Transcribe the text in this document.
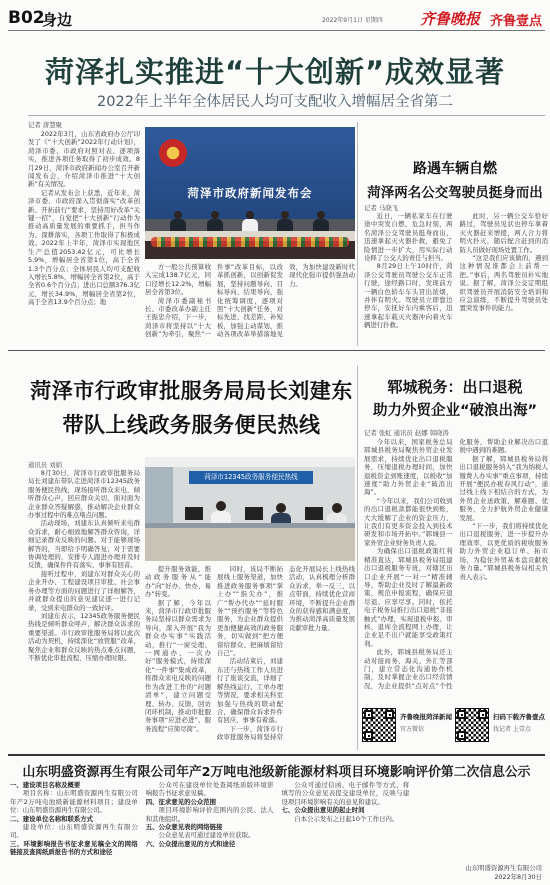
B02
身边	2022年9月1日 星期四 齐鲁晚报 齐鲁壹点
菏泽扎实推进“十大创新”成效显著
2022年上半年全体居民人均可支配收入增幅居全省第二
记者 唐慧聚

2022年3月，山东省政府办公厅印发了《“十大创新”2022年行动计划》，菏泽市委、市政府对照对表、逐项落实，推进各项任务取得了初步成效。8月29日，菏泽市政府新闻办公室召开新闻发布会，介绍菏泽市推进“十大创新”有关情况。

记者从发布会上获悉，近年来，菏泽市委、市政府深入贯彻落实“改革创新、开拓前行”要求，坚持用好改革“关键一招”，自觉把“十大创新”行动作为推动高质量发展的重要抓手，担当作为、深耕落实，各项工作取得了积极成效。2022年上半年，菏泽市实现地区生产总值2053.42亿元，可比增长5.9%，增幅居全省第1位，高于全省1.3个百分点；全体居民人均可支配收入增长5.8%，增幅居全省第2位，高于全省0.6个百分点；进出口总额376.3亿元，增长34.9%，增幅居全省第2位，高于全省13.9个百分点；地

菏泽市政府新闻发布会

方一般公共预算收入完成138.7亿元，同口径增长12.2%，增幅居全省第3位。

菏泽市委副秘书长、市委改革办副主任王振忠介绍，下一步，菏泽市将坚持以“十大创新”为牵引，聚焦“一件事”改革目标，以改革抓创新，以创新促发展，坚持问题导向、目标导向、结果导向，强化统筹调度，逐项对照“十大创新”任务，对标先进、找差距、补短板，加强主动谋划，推动各项改革举措落地见效，为加快建设新时代现代化强市提供强劲动力。

路遇车辆自燃
菏泽两名公交驾驶员挺身而出
记者 马晓飞

近日，一辆私家车在行驶途中突发自燃，危急时刻，两名菏泽公交驾驶员挺身而出，迅速拿起灭火器扑救，避免了险情进一步扩大，用实际行动诠释了公交人的责任与担当。

8月29日上午10时许，菏泽公交驾驶员驾驶公交车正常行驶，途经路口时，发现前方一辆白色轿车车头冒出浓烟，并伴有明火。驾驶员立即靠边停车，安抚好车内乘客后，迅速拿起车载灭火器冲向着火车辆进行扑救。

此时，另一辆公交车恰好路过，驾驶员见状也停车拿着灭火器赶来增援，两人合力将明火扑灭，随后配合赶到的消防人员做好现场处置工作。

“这是我们应该做的，遇到这种情况谁都会上前帮一把。”事后，两名驾驶员朴实地说。据了解，菏泽公交定期组织驾驶员开展消防安全培训和应急演练，不断提升驾驶员处置突发事件的能力。

菏泽市行政审批服务局局长刘建东
带队上线政务服务便民热线
通讯员 刘娟

8月30日，菏泽市行政审批服务局局长刘建东带队走进菏泽市12345政务服务便民热线，现场接听群众来电，倾听群众心声，回应群众关切，面对面为企业群众答疑解惑，推动解决企业群众办事过程中的难点堵点问题。

活动现场，刘建东认真倾听来电群众诉求，耐心细致地解答群众咨询，详细记录群众反映的问题。对于能够现场解答的，当即给予明确答复；对于需要协调处理的，安排专人跟进办理并及时反馈，确保件件有落实、事事有回音。

接听过程中，刘建东对群众关心的企业开办、工程建设项目审批、社会事务办理等方面的问题进行了详细解答，并就群众提出的意见建议逐一进行记录，受到来电群众的一致好评。

刘建东表示，12345政务服务便民热线是倾听群众呼声、解决群众诉求的重要渠道。市行政审批服务局将以此次活动为契机，持续深化“放管服”改革，聚焦企业和群众反映的热点难点问题，不断优化审批流程、压缩办理时限、

菏泽市12345政务服务便民热线

提升服务效能，推动政务服务从“能办”向“好办、快办、易办”转变。

据了解，今年以来，菏泽市行政审批服务局坚持以群众需求为导向，深入开展“我为群众办实事”实践活动，推行“一窗受理、一网通办、一次办好”服务模式，持续深化“一件事”集成改革，将群众来电反映的问题作为改进工作的“问题清单”，建立问题受理、转办、反馈、回访闭环机制，推动审批服务事项“应进必进”、服务流程“应简尽简”。

同时，该局不断拓展线上服务渠道，加快推进政务服务事项“掌上办”“指尖办”，推广“帮办代办”“延时服务”“预约服务”等特色服务，为企业群众提供更加便捷高效的政务服务，切实做到“把方便留给群众、把麻烦留给自己”。

活动结束后，刘建东还与热线工作人员进行了座谈交流，详细了解热线运行、工单办理等情况，要求相关科室加强与热线的联动配合，确保群众诉求件件有回应、事事有着落。

下一步，菏泽市行政审批服务局将坚持常态化开展局长上线热线活动，认真梳理分析群众诉求，举一反三、以点带面，持续优化营商环境，不断提升企业群众的获得感和满意度，为推动菏泽高质量发展贡献审批力量。

郓城税务：出口退税
助力外贸企业“破浪出海”
记者 张虹 通讯员 赵娜 韩晓涛

今年以来，国家税务总局郓城县税务局聚焦外贸企业发展需求，持续优化出口退税服务，压缩退税办理时间，加快退税资金到账速度，以税收“加速度”助力外贸企业“破浪出海”。

“今年以来，我们公司收到的出口退税款都能很快到账，大大缓解了企业的资金压力，让我们有更多资金投入到技术研发和市场开拓中。”郓城县一家外贸企业财务负责人说。

为确保出口退税政策红利精准直达，郓城县税务局组建出口退税服务专班，对辖区出口企业开展“一对一”精准辅导，帮助企业及时了解最新政策，规范申报流程，确保应退尽退、应享尽享。同时，依托电子税务局推行出口退税“非接触式”办理，实现退税申报、审核、退库全流程网上办理，让企业足不出户就能享受政策红利。

此外，郓城县税务局还主动对接商务、海关、外汇等部门，建立常态化沟通协作机制，及时掌握企业出口经营情况，为企业提供“点对点”个性化服务，帮助企业解决出口退税中遇到的难题。

据了解，郓城县税务局将出口退税服务纳入“我为纳税人缴费人办实事”重点事项，持续开展“便民办税春风行动”，通过线上线下相结合的方式，为外贸企业送政策、解难题、优服务，全力护航外贸企业健康发展。

“下一步，我们将持续优化出口退税服务，进一步提升办理效率，以更优质的税收服务助力外贸企业稳订单、拓市场，为稳住外贸基本盘贡献税务力量。”郓城县税务局相关负责人表示。

齐鲁晚报菏泽新闻
官方微信
扫码下载齐鲁壹点
找记者 上壹点
山东明盛资源再生有限公司年产2万吨电池级新能源材料项目环境影响评价第二次信息公示

一、建设项目名称及概要

项目名称：山东明盛资源再生有限公司年产2万吨电池级新能源材料项目；建设单位：山东明盛资源再生有限公司。

二、建设单位名称和联系方式

建设单位：山东明盛资源再生有限公司。

三、环境影响报告书征求意见稿全文的网络链接及查阅纸质报告书的方式和途径

公众可在建设单位处查阅纸质版环境影响报告书征求意见稿。

四、征求意见的公众范围

项目环境影响评价范围内的公民、法人和其他组织。

五、公众意见表的网络链接

公众意见表可通过建设单位获取。

六、公众提出意见的方式和途径

公众可通过信函、电子邮件等方式，将填写的公众意见表提交建设单位，反映与建设项目环境影响有关的意见和建议。

七、公众提出意见的起止时间

自本公示发布之日起10个工作日内。

山东明盛资源再生有限公司
2022年8月30日
